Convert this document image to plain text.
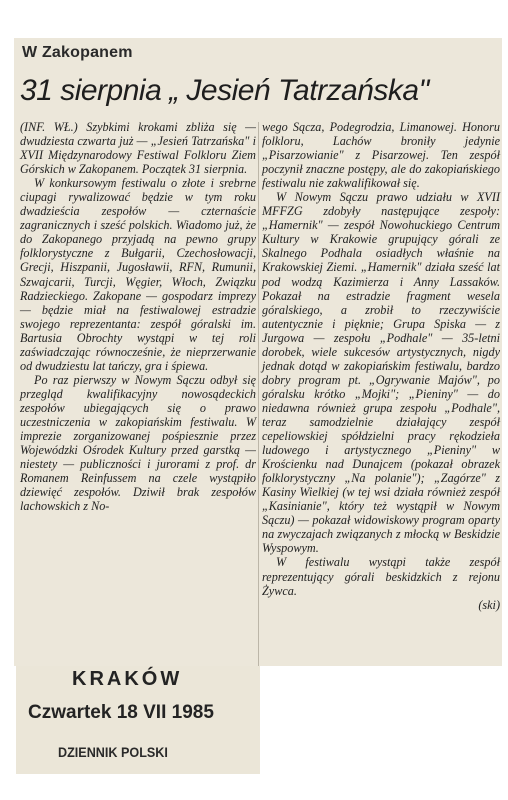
W Zakopanem
31 sierpnia „ Jesień Tatrzańska"

(INF. WŁ.) Szybkimi krokami zbliża się — dwudziesta czwarta już — „Jesień Tatrzańska" i XVII Międzynarodowy Festiwal Folkloru Ziem Górskich w Zakopanem. Początek 31 sierpnia.

W konkursowym festiwalu o złote i srebrne ciupagi rywalizować będzie w tym roku dwadzieścia zespołów — czternaście zagranicznych i sześć polskich. Wiadomo już, że do Zakopanego przyjadą na pewno grupy folklorystyczne z Bułgarii, Czechosłowacji, Grecji, Hiszpanii, Jugosławii, RFN, Rumunii, Szwajcarii, Turcji, Węgier, Włoch, Związku Radzieckiego. Zakopane — gospodarz imprezy — będzie miał na festiwalowej estradzie swojego reprezentanta: zespół góralski im. Bartusia Obrochty wystąpi w tej roli zaświadczając równocześnie, że nieprzerwanie od dwudziestu lat tańczy, gra i śpiewa.

Po raz pierwszy w Nowym Sączu odbył się przegląd kwalifikacyjny nowosądeckich zespołów ubiegających się o prawo uczestniczenia w zakopiańskim festiwalu. W imprezie zorganizowanej pośpiesznie przez Wojewódzki Ośrodek Kultury przed garstką — niestety — publiczności i jurorami z prof. dr Romanem Reinfussem na czele wystąpiło dziewięć zespołów. Dziwił brak zespołów lachowskich z No-

wego Sącza, Podegrodzia, Limanowej. Honoru folkloru, Lachów broniły jedynie „Pisarzowianie" z Pisarzowej. Ten zespół poczynił znaczne postępy, ale do zakopiańskiego festiwalu nie zakwalifikował się.

W Nowym Sączu prawo udziału w XVII MFFZG zdobyły następujące zespoły: „Hamernik" — zespół Nowohuckiego Centrum Kultury w Krakowie grupujący górali ze Skalnego Podhala osiadłych właśnie na Krakowskiej Ziemi. „Hamernik" działa sześć lat pod wodzą Kazimierza i Anny Lassaków. Pokazał na estradzie fragment wesela góralskiego, a zrobił to rzeczywiście autentycznie i pięknie; Grupa Spiska — z Jurgowa — zespołu „Podhale" — 35-letni dorobek, wiele sukcesów artystycznych, nigdy jednak dotąd w zakopiańskim festiwalu, bardzo dobry program pt. „Ogrywanie Majów", po góralsku krótko „Mojki"; „Pieniny" — do niedawna również grupa zespołu „Podhale", teraz samodzielnie działający zespół cepeliowskiej spółdzielni pracy rękodzieła ludowego i artystycznego „Pieniny" w Krościenku nad Dunajcem (pokazał obrazek folklorystyczny „Na polanie"); „Zagórze" z Kasiny Wielkiej (w tej wsi działa również zespół „Kasinianie", który też wystąpił w Nowym Sączu) — pokazał widowiskowy program oparty na zwyczajach związanych z młocką w Beskidzie Wyspowym.

W festiwalu wystąpi także zespół reprezentujący górali beskidzkich z rejonu Żywca.

(ski)
KRAKÓW
Czwartek 18 VII 1985
DZIENNIK POLSKI
